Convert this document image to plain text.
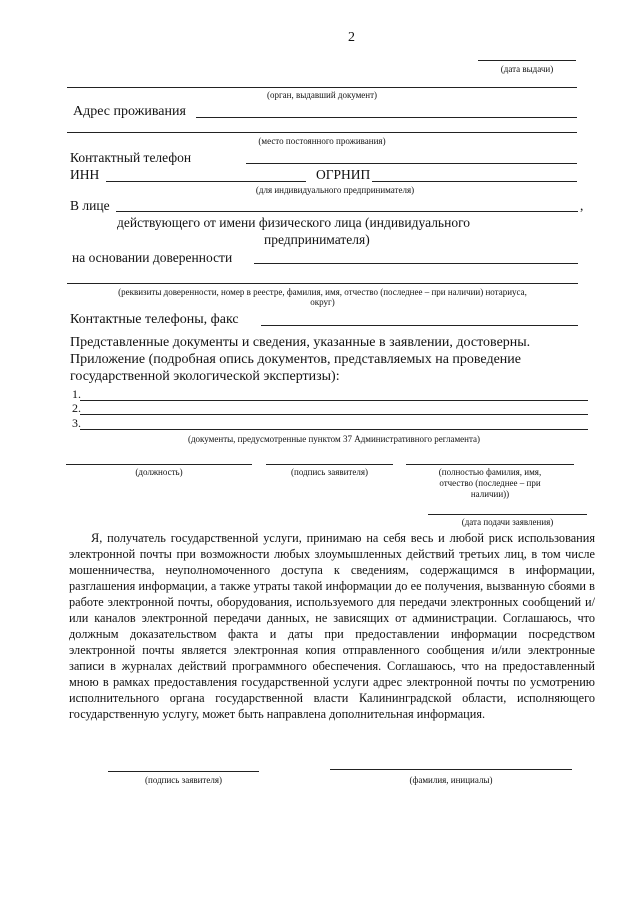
2
(дата выдачи)
(орган, выдавший документ)
Адрес проживания
(место постоянного проживания)
Контактный телефон
ИНН	ОГРНИП
(для индивидуального предпринимателя)
В лице	,
действующего от имени физического лица (индивидуального
предпринимателя)
на основании доверенности
(реквизиты доверенности, номер в реестре, фамилия, имя, отчество (последнее – при наличии) нотариуса,
округ)
Контактные телефоны, факс
Представленные документы и сведения, указанные в заявлении, достоверны.
Приложение (подробная опись документов, представляемых на проведение
государственной экологической экспертизы):
1.
2.
3.
(документы, предусмотренные пунктом 37 Административного регламента)
(должность)	(подпись заявителя)	(полностью фамилия, имя,
отчество (последнее – при
наличии))
(дата подачи заявления)
Я, получатель государственной услуги, принимаю на себя весь и любой риск использования электронной почты при возможности любых злоумышленных действий третьих лиц, в том числе мошенничества, неуполномоченного доступа к сведениям, содержащимся в информации, разглашения информации, а также утраты такой информации до ее получения, вызванную сбоями в работе электронной почты, оборудования, используемого для передачи электронных сообщений и/или каналов электронной передачи данных, не зависящих от администрации. Соглашаюсь, что должным доказательством факта и даты при предоставлении информации посредством электронной почты является электронная копия отправленного сообщения и/или электронные записи в журналах действий программного обеспечения. Соглашаюсь, что на предоставленный мною в рамках предоставления государственной услуги адрес электронной почты по усмотрению исполнительного органа государственной власти Калининградской области, исполняющего государственную услугу, может быть направлена дополнительная информация.
(подпись заявителя)	(фамилия, инициалы)
